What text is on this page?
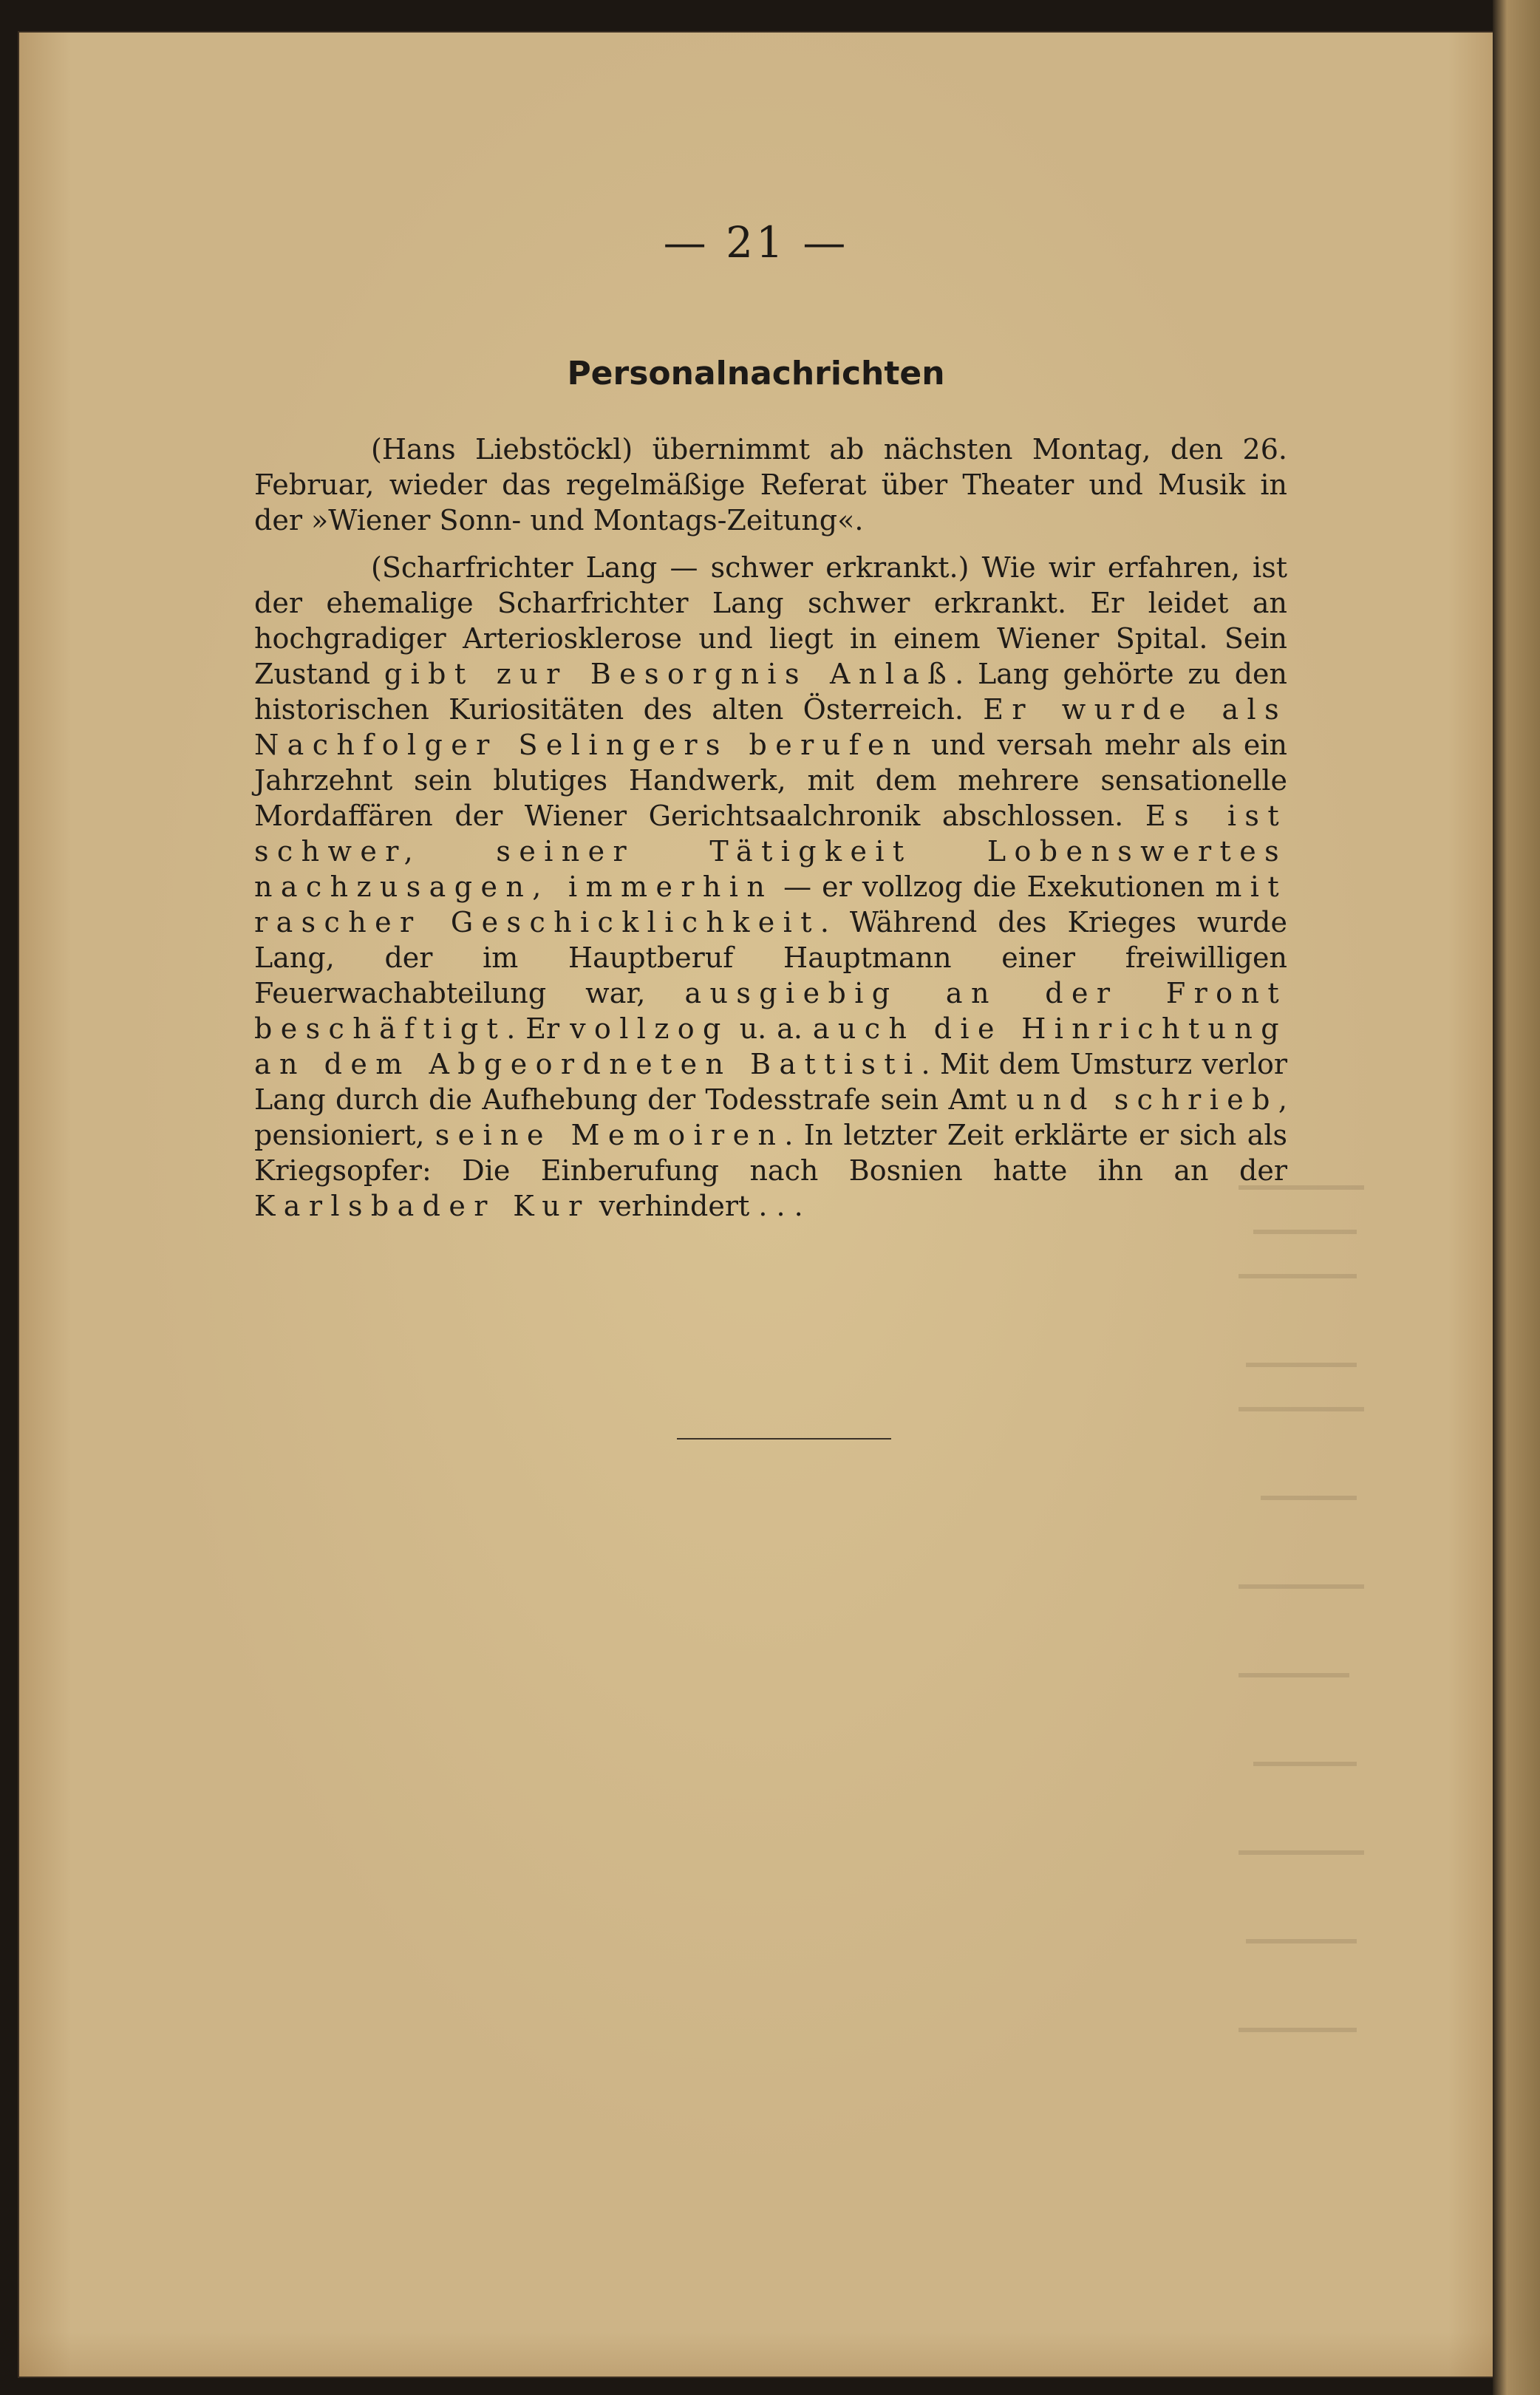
— 21 —
Personalnachrichten

(Hans Liebstöckl) übernimmt ab nächsten Montag, den 26. Februar, wieder das regelmäßige Referat über Theater und Musik in der »Wiener Sonn- und Montags-Zeitung«.

(Scharfrichter Lang — schwer erkrankt.) Wie wir erfahren, ist der ehemalige Scharfrichter Lang schwer erkrankt. Er leidet an hochgradiger Arteriosklerose und liegt in einem Wiener Spital. Sein Zustand gibt zur Besorgnis Anlaß. Lang gehörte zu den historischen Kuriositäten des alten Österreich. Er wurde als Nachfolger Selingers berufen und versah mehr als ein Jahrzehnt sein blutiges Handwerk, mit dem mehrere sensationelle Mordaffären der Wiener Gerichtsaalchronik abschlossen. Es ist schwer, seiner Tätigkeit Lobenswertes nachzusagen, immerhin — er vollzog die Exekutionen mit rascher Geschicklichkeit. Während des Krieges wurde Lang, der im Hauptberuf Hauptmann einer freiwilligen Feuerwachabteilung war, ausgiebig an der Front beschäftigt. Er vollzog u. a. auch die Hinrichtung an dem Abgeordneten Battisti. Mit dem Umsturz verlor Lang durch die Aufhebung der Todesstrafe sein Amt und schrieb, pensioniert, seine Memoiren. In letzter Zeit erklärte er sich als Kriegsopfer: Die Einberufung nach Bosnien hatte ihn an der Karlsbader Kur verhindert . . .
